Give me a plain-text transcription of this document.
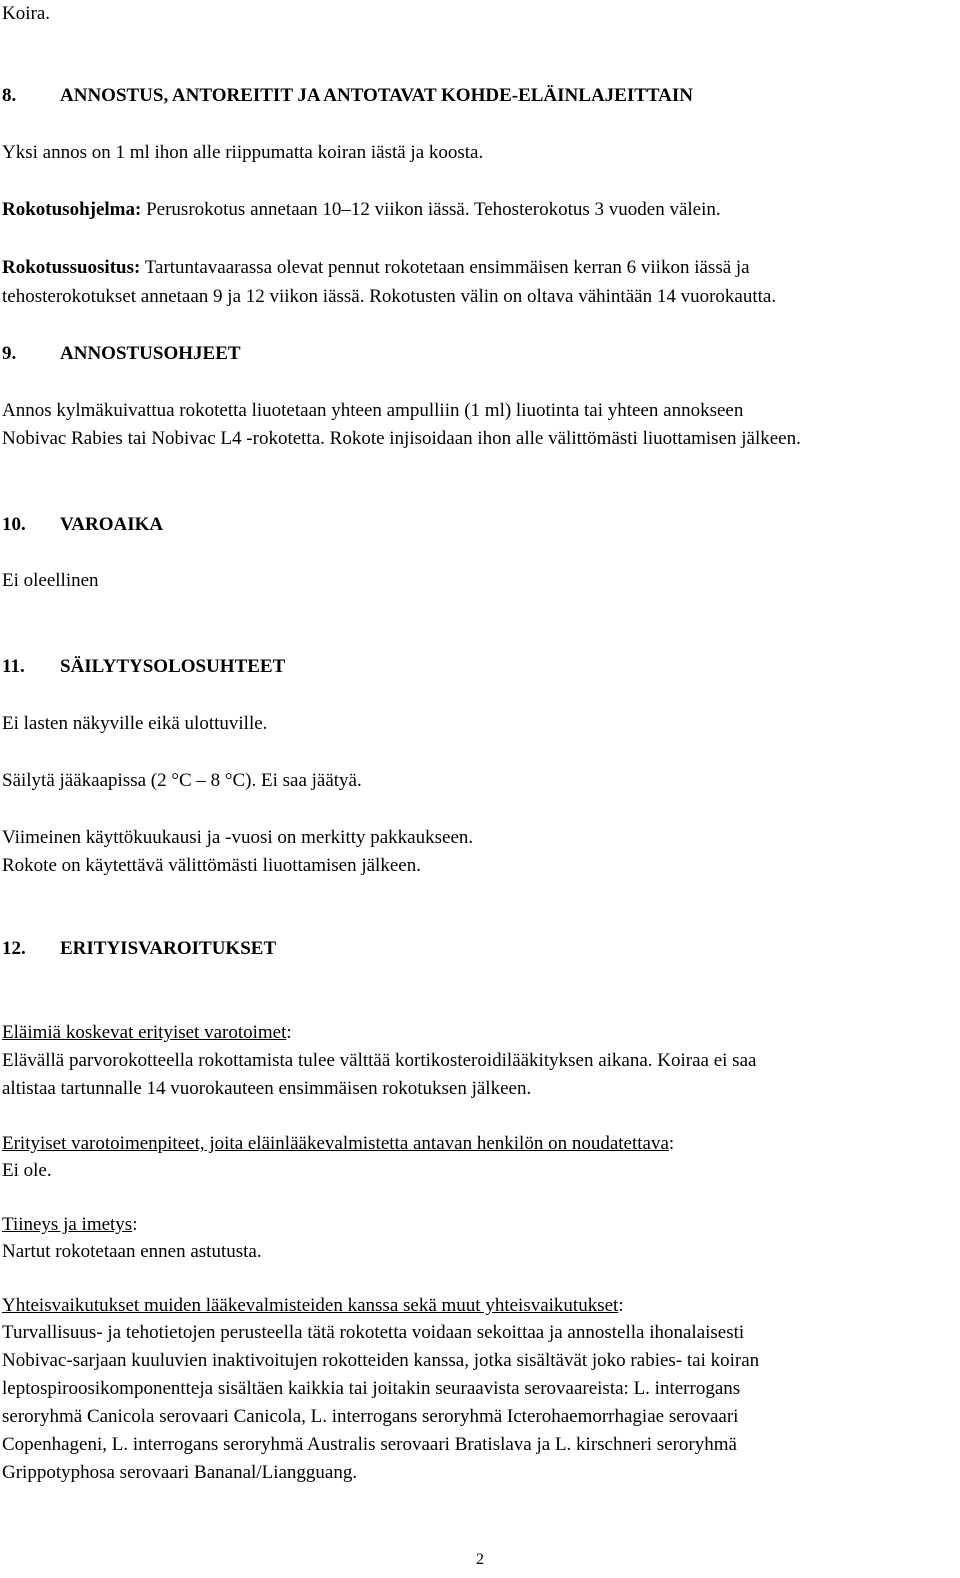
Koira.
8. ANNOSTUS, ANTOREITIT JA ANTOTAVAT KOHDE-ELÄINLAJEITTAIN
Yksi annos on 1 ml ihon alle riippumatta koiran iästä ja koosta.
Rokotusohjelma: Perusrokotus annetaan 10–12 viikon iässä. Tehosterokotus 3 vuoden välein.
Rokotussuositus: Tartuntavaarassa olevat pennut rokotetaan ensimmäisen kerran 6 viikon iässä ja
tehosterokotukset annetaan 9 ja 12 viikon iässä. Rokotusten välin on oltava vähintään 14 vuorokautta.
9. ANNOSTUSOHJEET
Annos kylmäkuivattua rokotetta liuotetaan yhteen ampulliin (1 ml) liuotinta tai yhteen annokseen
Nobivac Rabies tai Nobivac L4 -rokotetta. Rokote injisoidaan ihon alle välittömästi liuottamisen jälkeen.
10. VAROAIKA
Ei oleellinen
11. SÄILYTYSOLOSUHTEET
Ei lasten näkyville eikä ulottuville.
Säilytä jääkaapissa (2 °C – 8 °C). Ei saa jäätyä.
Viimeinen käyttökuukausi ja -vuosi on merkitty pakkaukseen.
Rokote on käytettävä välittömästi liuottamisen jälkeen.
12. ERITYISVAROITUKSET
Eläimiä koskevat erityiset varotoimet:
Elävällä parvorokotteella rokottamista tulee välttää kortikosteroidilääkityksen aikana. Koiraa ei saa
altistaa tartunnalle 14 vuorokauteen ensimmäisen rokotuksen jälkeen.
Erityiset varotoimenpiteet, joita eläinlääkevalmistetta antavan henkilön on noudatettava:
Ei ole.
Tiineys ja imetys:
Nartut rokotetaan ennen astutusta.
Yhteisvaikutukset muiden lääkevalmisteiden kanssa sekä muut yhteisvaikutukset:
Turvallisuus- ja tehotietojen perusteella tätä rokotetta voidaan sekoittaa ja annostella ihonalaisesti
Nobivac-sarjaan kuuluvien inaktivoitujen rokotteiden kanssa, jotka sisältävät joko rabies- tai koiran
leptospiroosikomponentteja sisältäen kaikkia tai joitakin seuraavista serovaareista: L. interrogans
seroryhmä Canicola serovaari Canicola, L. interrogans seroryhmä Icterohaemorrhagiae serovaari
Copenhageni, L. interrogans seroryhmä Australis serovaari Bratislava ja L. kirschneri seroryhmä
Grippotyphosa serovaari Bananal/Liangguang.
2
